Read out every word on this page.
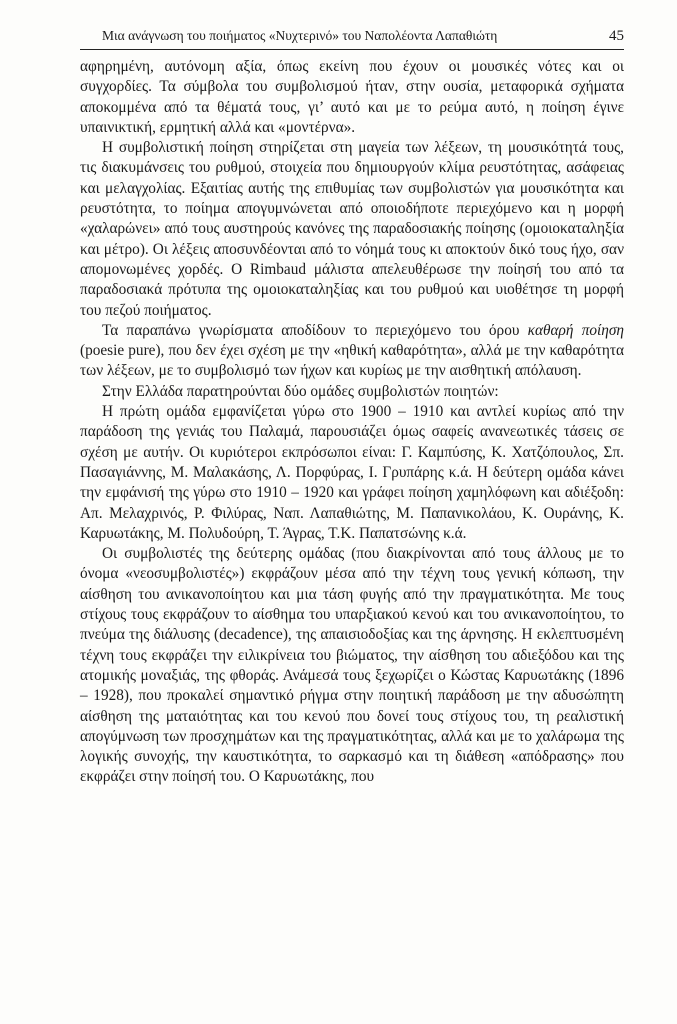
Μια ανάγνωση του ποιήματος «Νυχτερινό» του Ναπολέοντα Λαπαθιώτη	45

αφηρημένη, αυτόνομη αξία, όπως εκείνη που έχουν οι μουσικές νότες και οι συγχορδίες. Τα σύμβολα του συμβολισμού ήταν, στην ουσία, μεταφορικά σχήματα αποκομμένα από τα θέματά τους, γι’ αυτό και με το ρεύμα αυτό, η ποίηση έγινε υπαινικτική, ερμητική αλλά και «μοντέρνα».

Η συμβολιστική ποίηση στηρίζεται στη μαγεία των λέξεων, τη μουσικότητά τους, τις διακυμάνσεις του ρυθμού, στοιχεία που δημιουργούν κλίμα ρευστότητας, ασάφειας και μελαγχολίας. Εξαιτίας αυτής της επιθυμίας των συμβολιστών για μουσικότητα και ρευστότητα, το ποίημα απογυμνώνεται από οποιοδήποτε περιεχόμενο και η μορφή «χαλαρώνει» από τους αυστηρούς κανόνες της παραδοσιακής ποίησης (ομοιοκαταληξία και μέτρο). Οι λέξεις αποσυνδέονται από το νόημά τους κι αποκτούν δικό τους ήχο, σαν απομονωμένες χορδές. Ο Rimbaud μάλιστα απελευθέρωσε την ποίησή του από τα παραδοσιακά πρότυπα της ομοιοκαταληξίας και του ρυθμού και υιοθέτησε τη μορφή του πεζού ποιήματος.

Τα παραπάνω γνωρίσματα αποδίδουν το περιεχόμενο του όρου καθαρή ποίηση (poesie pure), που δεν έχει σχέση με την «ηθική καθαρότητα», αλλά με την καθαρότητα των λέξεων, με το συμβολισμό των ήχων και κυρίως με την αισθητική απόλαυση.

Στην Ελλάδα παρατηρούνται δύο ομάδες συμβολιστών ποιητών:

Η πρώτη ομάδα εμφανίζεται γύρω στο 1900 – 1910 και αντλεί κυρίως από την παράδοση της γενιάς του Παλαμά, παρουσιάζει όμως σαφείς ανανεωτικές τάσεις σε σχέση με αυτήν. Οι κυριότεροι εκπρόσωποι είναι: Γ. Καμπύσης, Κ. Χατζόπουλος, Σπ. Πασαγιάννης, Μ. Μαλακάσης, Λ. Πορφύρας, Ι. Γρυπάρης κ.ά. Η δεύτερη ομάδα κάνει την εμφάνισή της γύρω στο 1910 – 1920 και γράφει ποίηση χαμηλόφωνη και αδιέξοδη: Απ. Μελαχρινός, Ρ. Φιλύρας, Ναπ. Λαπαθιώτης, Μ. Παπανικολάου, Κ. Ουράνης, Κ. Καρυωτάκης, Μ. Πολυδούρη, Τ. Άγρας, Τ.Κ. Παπατσώνης κ.ά.

Οι συμβολιστές της δεύτερης ομάδας (που διακρίνονται από τους άλλους με το όνομα «νεοσυμβολιστές») εκφράζουν μέσα από την τέχνη τους γενική κόπωση, την αίσθηση του ανικανοποίητου και μια τάση φυγής από την πραγματικότητα. Με τους στίχους τους εκφράζουν το αίσθημα του υπαρξιακού κενού και του ανικανοποίητου, το πνεύμα της διάλυσης (decadence), της απαισιοδοξίας και της άρνησης. Η εκλεπτυσμένη τέχνη τους εκφράζει την ειλικρίνεια του βιώματος, την αίσθηση του αδιεξόδου και της ατομικής μοναξιάς, της φθοράς. Ανάμεσά τους ξεχωρίζει ο Κώστας Καρυωτάκης (1896 – 1928), που προκαλεί σημαντικό ρήγμα στην ποιητική παράδοση με την αδυσώπητη αίσθηση της ματαιότητας και του κενού που δονεί τους στίχους του, τη ρεαλιστική απογύμνωση των προσχημάτων και της πραγματικότητας, αλλά και με το χαλάρωμα της λογικής συνοχής, την καυστικότητα, το σαρκασμό και τη διάθεση «απόδρασης» που εκφράζει στην ποίησή του. Ο Καρυωτάκης, που
